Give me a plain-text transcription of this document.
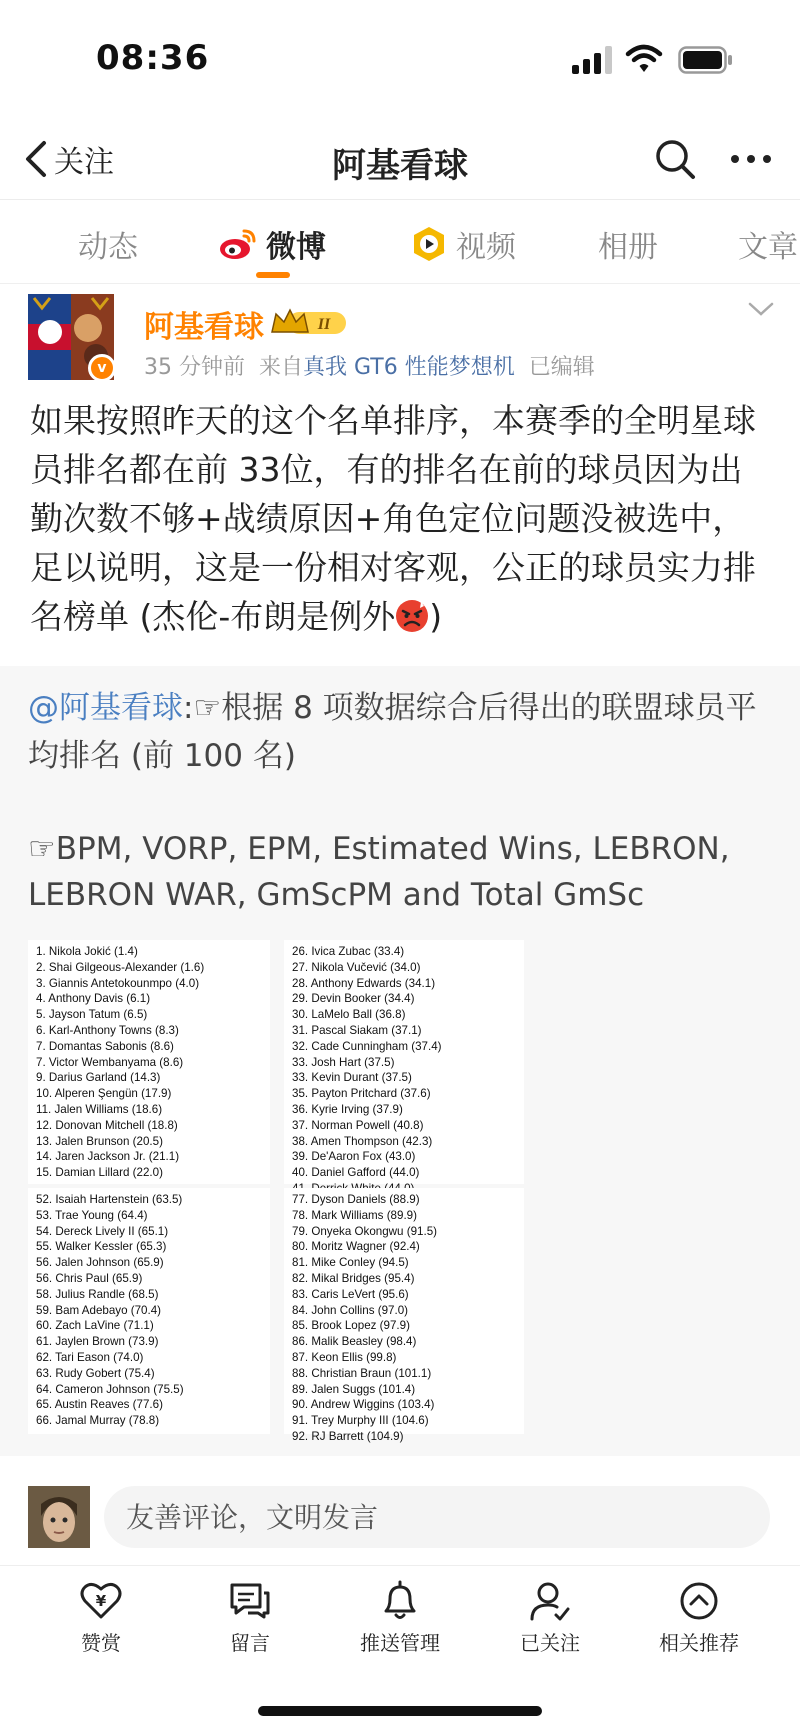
08:36
关注	阿基看球
动态	微博	视频	相册	文章
v
阿基看球	II
35 分钟前 来自真我 GT6 性能梦想机 已编辑
如果按照昨天的这个名单排序，本赛季的全明星球员排名都在前 33位，有的排名在前的球员因为出勤次数不够+战绩原因+角色定位问题没被选中，足以说明，这是一份相对客观，公正的球员实力排名榜单 (杰伦-布朗是例外 )
@阿基看球:☞根据 8 项数据综合后得出的联盟球员平均排名 (前 100 名)
☞BPM, VORP, EPM, Estimated Wins, LEBRON, LEBRON WAR, GmScPM and Total GmSc
1. Nikola Jokić (1.4)
2. Shai Gilgeous-Alexander (1.6)
3. Giannis Antetokounmpo (4.0)
4. Anthony Davis (6.1)
5. Jayson Tatum (6.5)
6. Karl-Anthony Towns (8.3)
7. Domantas Sabonis (8.6)
7. Victor Wembanyama (8.6)
9. Darius Garland (14.3)
10. Alperen Şengün (17.9)
11. Jalen Williams (18.6)
12. Donovan Mitchell (18.8)
13. Jalen Brunson (20.5)
14. Jaren Jackson Jr. (21.1)
15. Damian Lillard (22.0)
26. Ivica Zubac (33.4)
27. Nikola Vučević (34.0)
28. Anthony Edwards (34.1)
29. Devin Booker (34.4)
30. LaMelo Ball (36.8)
31. Pascal Siakam (37.1)
32. Cade Cunningham (37.4)
33. Josh Hart (37.5)
33. Kevin Durant (37.5)
35. Payton Pritchard (37.6)
36. Kyrie Irving (37.9)
37. Norman Powell (40.8)
38. Amen Thompson (42.3)
39. De'Aaron Fox (43.0)
40. Daniel Gafford (44.0)
52. Isaiah Hartenstein (63.5)
53. Trae Young (64.4)
54. Dereck Lively II (65.1)
55. Walker Kessler (65.3)
56. Jalen Johnson (65.9)
56. Chris Paul (65.9)
58. Julius Randle (68.5)
59. Bam Adebayo (70.4)
60. Zach LaVine (71.1)
61. Jaylen Brown (73.9)
62. Tari Eason (74.0)
63. Rudy Gobert (75.4)
64. Cameron Johnson (75.5)
65. Austin Reaves (77.6)
66. Jamal Murray (78.8)
77. Dyson Daniels (88.9)
78. Mark Williams (89.9)
79. Onyeka Okongwu (91.5)
80. Moritz Wagner (92.4)
81. Mike Conley (94.5)
82. Mikal Bridges (95.4)
83. Caris LeVert (95.6)
84. John Collins (97.0)
85. Brook Lopez (97.9)
86. Malik Beasley (98.4)
87. Keon Ellis (99.8)
88. Christian Braun (101.1)
89. Jalen Suggs (101.4)
90. Andrew Wiggins (103.4)
91. Trey Murphy III (104.6)
92. RJ Barrett (104.9)
友善评论，文明发言
¥
赞赏	留言	推送管理	已关注	相关推荐
